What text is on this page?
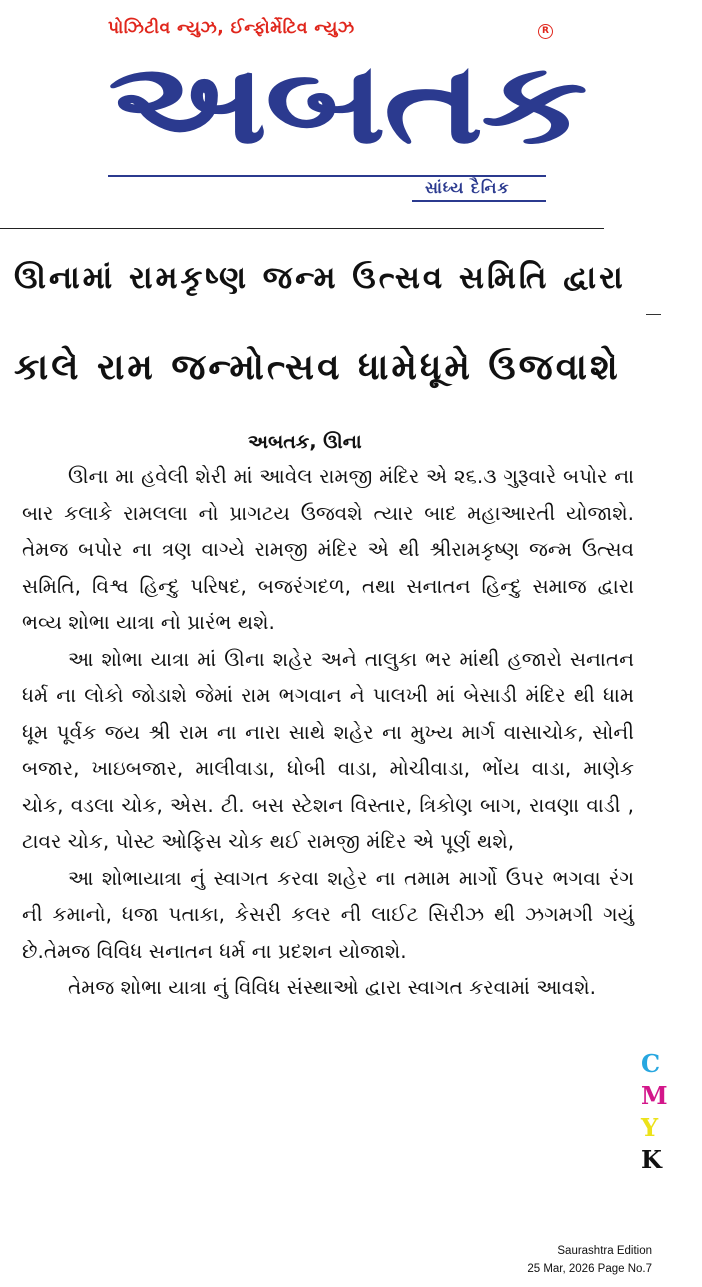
પોઝિટીવ ન્યુઝ, ઈન્ફોર્મેટિવ ન્યુઝ	R
અબતક
સાંધ્ય દૈનિક
ઊનામાં રામકૃષ્ણ જન્મ ઉત્સવ સમિતિ દ્વારા
કાલે રામ જન્મોત્સવ ધામેધૂમે ઉજવાશે
અબતક, ઊના

ઊના મા હવેલી શેરી માં આવેલ રામજી મંદિર એ ૨૬.૩ ગુરૂવારે બપોર ના બાર કલાકે રામલલા નો પ્રાગટય ઉજવશે ત્યાર બાદ મહાઆરતી યોજાશે. તેમજ બપોર ના ત્રણ વાગ્યે રામજી મંદિર એ થી શ્રીરામકૃષ્ણ જન્મ ઉત્સવ સમિતિ, વિશ્વ હિન્દુ પરિષદ, બજરંગદળ, તથા સનાતન હિન્દુ સમાજ દ્વારા ભવ્ય શોભા યાત્રા નો પ્રારંભ થશે.

આ શોભા યાત્રા માં ઊના શહેર અને તાલુકા ભર માંથી હજારો સનાતન ધર્મ ના લોકો જોડાશે જેમાં રામ ભગવાન ને પાલખી માં બેસાડી મંદિર થી ધામ ધૂમ પૂર્વક જય શ્રી રામ ના નારા સાથે શહેર ના મુખ્ય માર્ગ વાસાચોક, સોની બજાર, ખાઇબજાર, માલીવાડા, ધોબી વાડા, મોચીવાડા, ભોંય વાડા, માણેક ચોક, વડલા ચોક, એસ. ટી. બસ સ્ટેશન વિસ્તાર, ત્રિકોણ બાગ, રાવણા વાડી , ટાવર ચોક, પોસ્ટ ઓફિસ ચોક થઈ રામજી મંદિર એ પૂર્ણ થશે,

આ શોભાયાત્રા નું સ્વાગત કરવા શહેર ના તમામ માર્ગો ઉપર ભગવા રંગ ની કમાનો, ધજા પતાકા, કેસરી કલર ની લાઈટ સિરીઝ થી ઝગમગી ગયું છે.તેમજ વિવિધ સનાતન ધર્મ ના પ્રદશન યોજાશે.

તેમજ શોભા યાત્રા નું વિવિધ સંસ્થાઓ દ્વારા સ્વાગત કરવામાં આવશે.

C
M
Y
K
Saurashtra Edition
25 Mar, 2026 Page No.7
